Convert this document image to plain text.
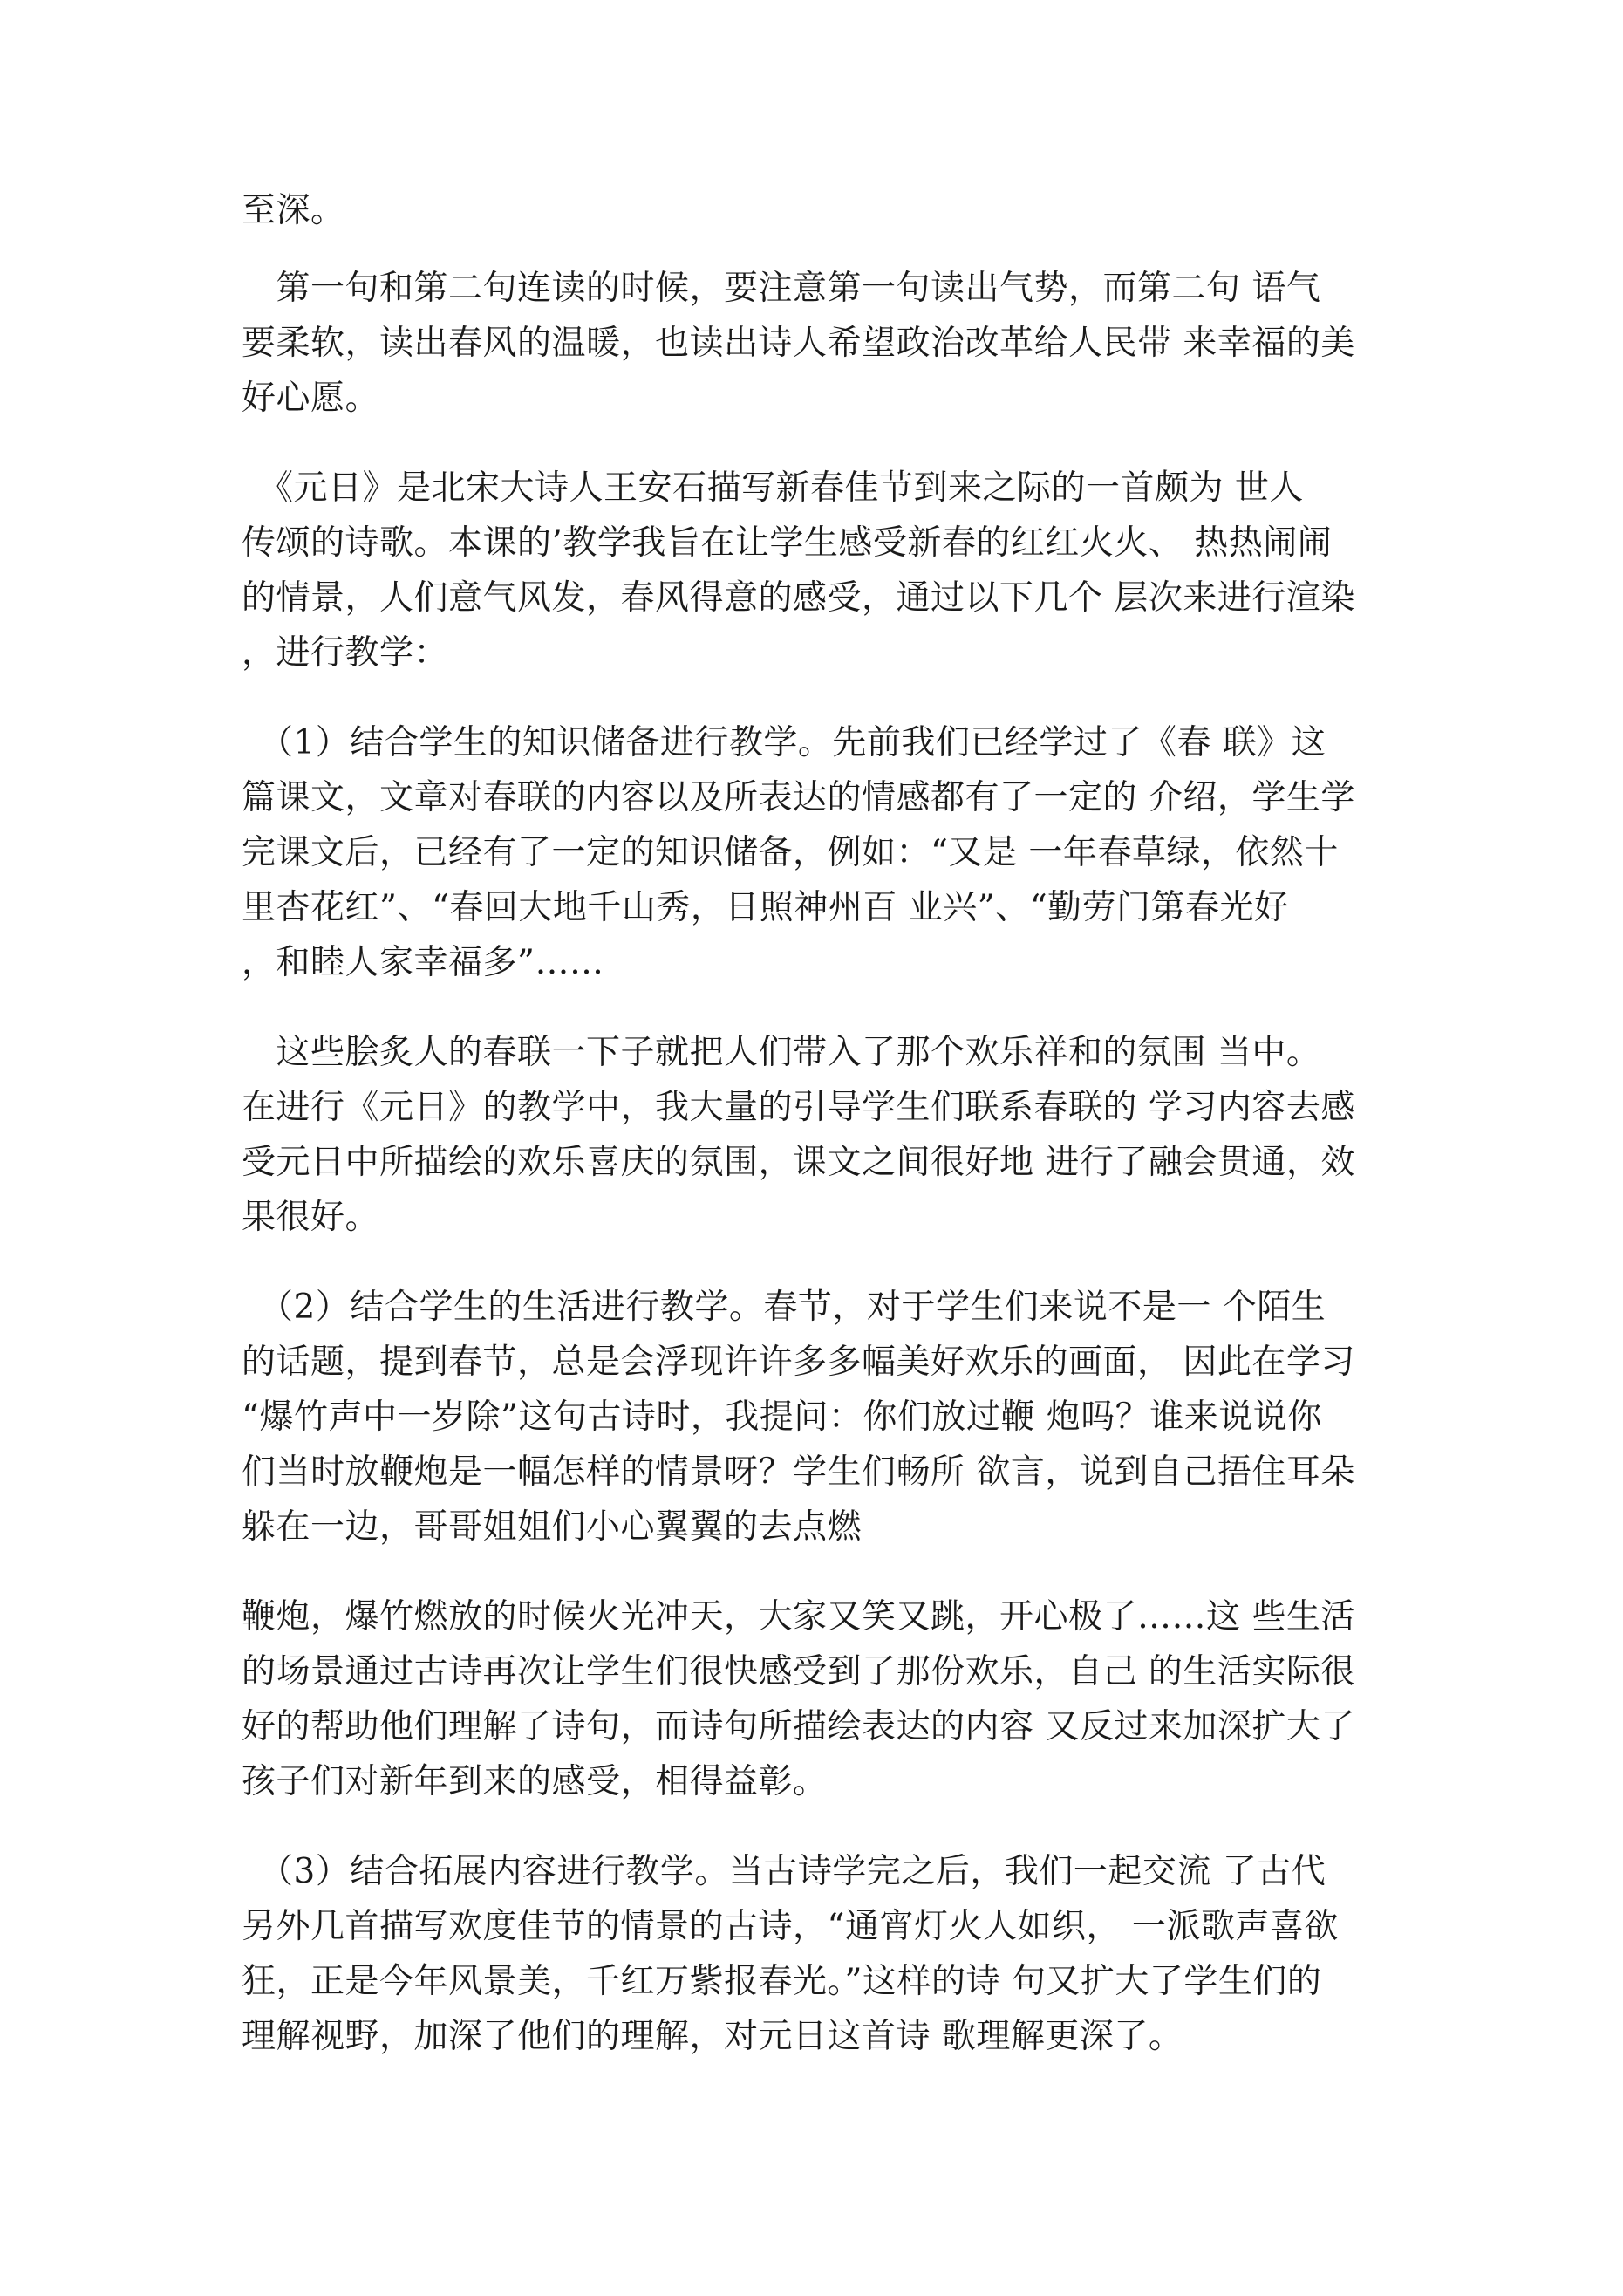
至深。
　第一句和第二句连读的时候，要注意第一句读出气势，而第二句 语气
要柔软，读出春风的温暖，也读出诗人希望政治改革给人民带 来幸福的美
好心愿。
　《元日》是北宋大诗人王安石描写新春佳节到来之际的一首颇为 世人
传颂的诗歌。本课的’教学我旨在让学生感受新春的红红火火、 热热闹闹
的情景，人们意气风发，春风得意的感受，通过以下几个 层次来进行渲染
，进行教学：
　（1）结合学生的知识储备进行教学。先前我们已经学过了《春 联》这
篇课文，文章对春联的内容以及所表达的情感都有了一定的 介绍，学生学
完课文后，已经有了一定的知识储备，例如：“又是 一年春草绿，依然十
里杏花红”、“春回大地千山秀，日照神州百 业兴”、“勤劳门第春光好
，和睦人家幸福多”……
　这些脍炙人的春联一下子就把人们带入了那个欢乐祥和的氛围 当中。
在进行《元日》的教学中，我大量的引导学生们联系春联的 学习内容去感
受元日中所描绘的欢乐喜庆的氛围，课文之间很好地 进行了融会贯通，效
果很好。
　（2）结合学生的生活进行教学。春节，对于学生们来说不是一 个陌生
的话题，提到春节，总是会浮现许许多多幅美好欢乐的画面， 因此在学习
“爆竹声中一岁除”这句古诗时，我提问：你们放过鞭 炮吗？谁来说说你
们当时放鞭炮是一幅怎样的情景呀？学生们畅所 欲言，说到自己捂住耳朵
躲在一边，哥哥姐姐们小心翼翼的去点燃
鞭炮，爆竹燃放的时候火光冲天，大家又笑又跳，开心极了……这 些生活
的场景通过古诗再次让学生们很快感受到了那份欢乐，自己 的生活实际很
好的帮助他们理解了诗句，而诗句所描绘表达的内容 又反过来加深扩大了
孩子们对新年到来的感受，相得益彰。
　（3）结合拓展内容进行教学。当古诗学完之后，我们一起交流 了古代
另外几首描写欢度佳节的情景的古诗，“通宵灯火人如织， 一派歌声喜欲
狂，正是今年风景美，千红万紫报春光。”这样的诗 句又扩大了学生们的
理解视野，加深了他们的理解，对元日这首诗 歌理解更深了。
